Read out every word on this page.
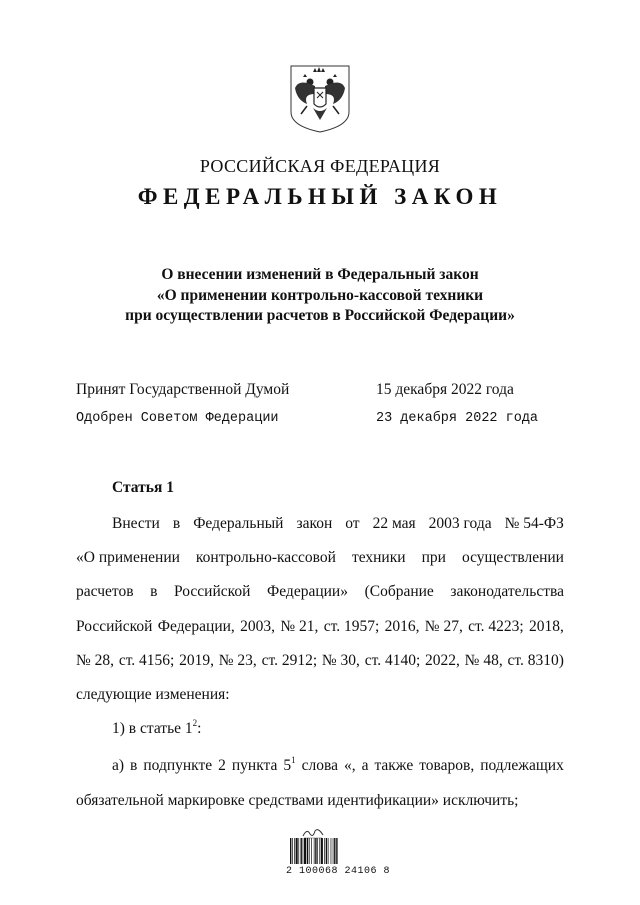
РОССИЙСКАЯ ФЕДЕРАЦИЯ
ФЕДЕРАЛЬНЫЙ ЗАКОН
О внесении изменений в Федеральный закон
«О применении контрольно-кассовой техники
при осуществлении расчетов в Российской Федерации»
Принят Государственной Думой	15 декабря 2022 года
Одобрен Советом Федерации	23 декабря 2022 года
Статья 1
Внести в Федеральный закон от 22 мая 2003 года № 54-ФЗ
«О применении контрольно-кассовой техники при осуществлении
расчетов в Российской Федерации» (Собрание законодательства
Российской Федерации, 2003, № 21, ст. 1957; 2016, № 27, ст. 4223; 2018,
№ 28, ст. 4156; 2019, № 23, ст. 2912; № 30, ст. 4140; 2022, № 48, ст. 8310)
следующие изменения:
1) в статье $1^2$:
а) в подпункте 2 пункта $5^1$ слова «, а также товаров, подлежащих
обязательной маркировке средствами идентификации» исключить;
2 100068 24106 8
